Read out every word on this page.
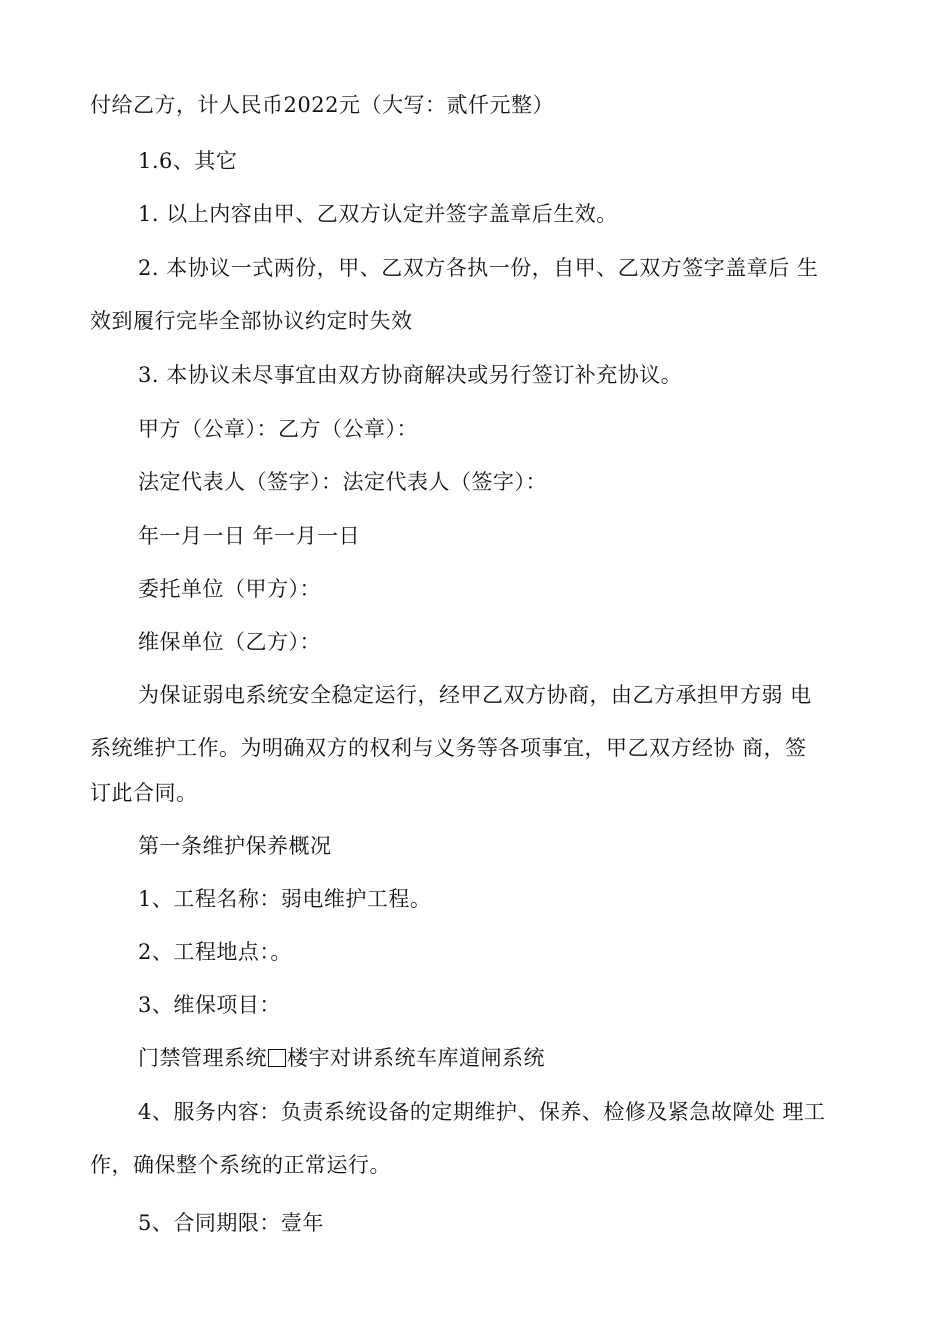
付给乙方，计人民币2022元（大写：贰仟元整）
1.6、其它
1. 以上内容由甲、乙双方认定并签字盖章后生效。
2. 本协议一式两份，甲、乙双方各执一份，自甲、乙双方签字盖章后 生
效到履行完毕全部协议约定时失效
3. 本协议未尽事宜由双方协商解决或另行签订补充协议。
甲方（公章）：乙方（公章）：
法定代表人（签字）：法定代表人（签字）：
年一月一日 年一月一日
委托单位（甲方）：
维保单位（乙方）：
为保证弱电系统安全稳定运行，经甲乙双方协商，由乙方承担甲方弱 电
系统维护工作。为明确双方的权利与义务等各项事宜，甲乙双方经协 商，签
订此合同。
第一条维护保养概况
1、工程名称：弱电维护工程。
2、工程地点：。
3、维保项目：
门禁管理系统 楼宇对讲系统车库道闸系统
4、服务内容：负责系统设备的定期维护、保养、检修及紧急故障处 理工
作，确保整个系统的正常运行。
5、合同期限：壹年
